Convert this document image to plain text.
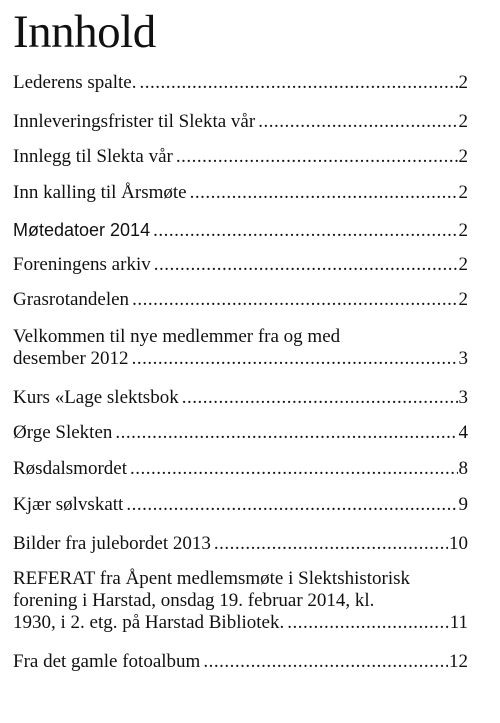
Innhold
Lederens spalte. .....	2
Innleveringsfrister til Slekta vår .....	2
Innlegg til Slekta vår .....	2
Inn kalling til Årsmøte .....	2
Møtedatoer 2014 .....	2
Foreningens arkiv .....	2
Grasrotandelen .....	2
Velkommen til nye medlemmer fra og med
desember 2012 .....	3
Kurs «Lage slektsbok .....	3
Ørge Slekten .....	4
Røsdalsmordet .....	8
Kjær sølvskatt .....	9
Bilder fra julebordet 2013 .....	10
REFERAT fra Åpent medlemsmøte i Slektshistorisk
forening i Harstad, onsdag 19. februar 2014, kl.
1930, i 2. etg. på Harstad Bibliotek. .....	11
Fra det gamle fotoalbum .....	12
